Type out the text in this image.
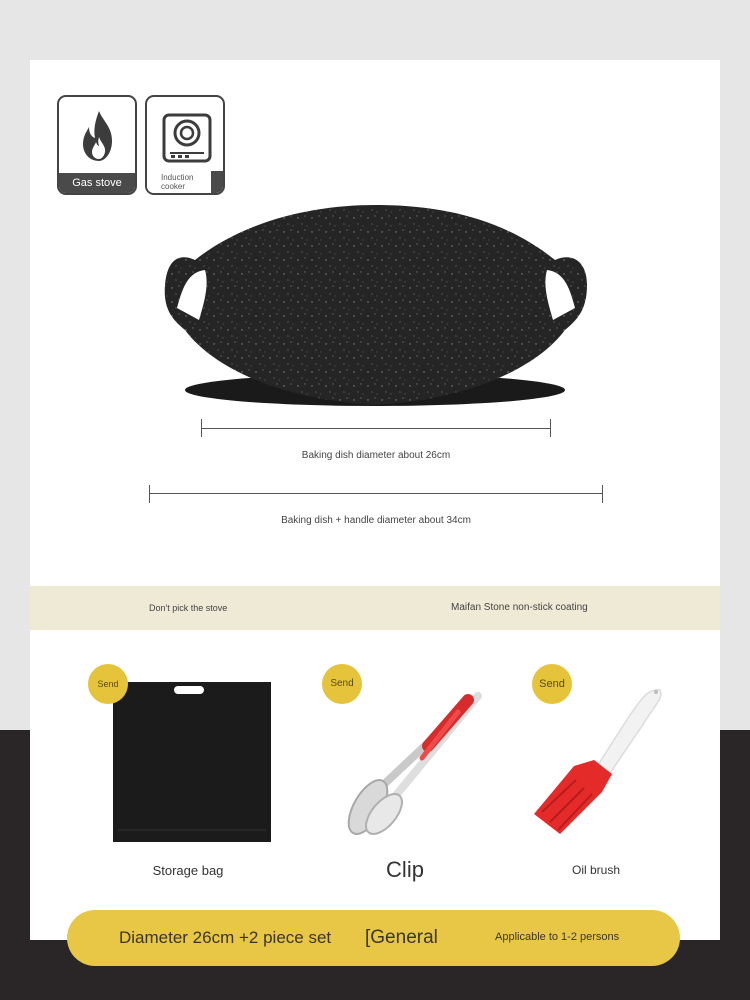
Gas stove	Induction
cooker
Baking dish diameter about 26cm
Baking dish + handle diameter about 34cm
Don't pick the stove	Maifan Stone non-stick coating
Send
Storage bag
Send
Clip
Send
Oil brush
Diameter 26cm +2 piece set [General	Applicable to 1-2 persons
